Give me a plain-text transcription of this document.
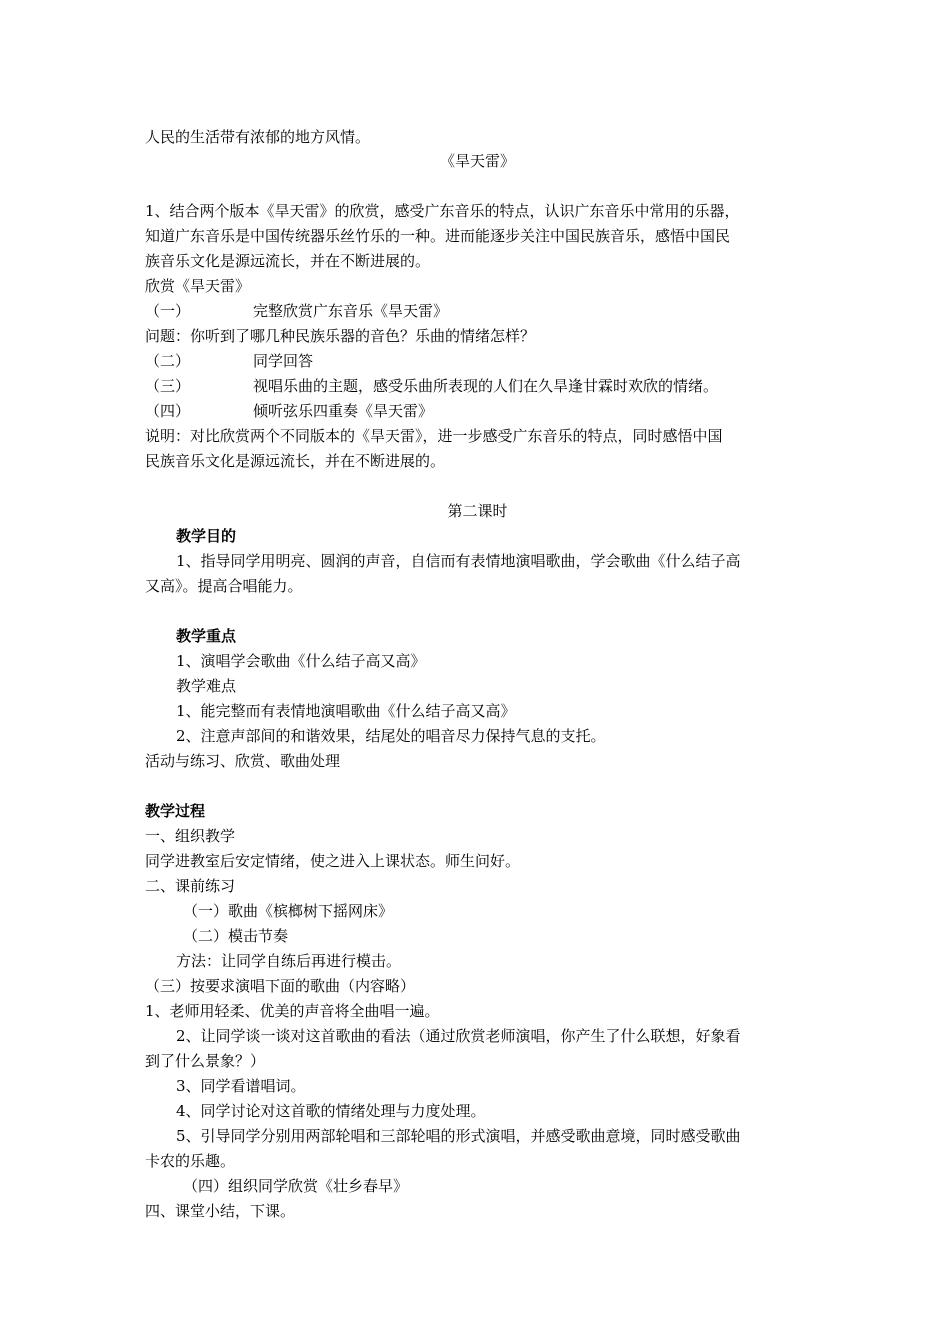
人民的生活带有浓郁的地方风情。
《旱天雷》
1、结合两个版本《旱天雷》的欣赏，感受广东音乐的特点，认识广东音乐中常用的乐器，
知道广东音乐是中国传统器乐丝竹乐的一种。进而能逐步关注中国民族音乐，感悟中国民
族音乐文化是源远流长，并在不断进展的。
欣赏《旱天雷》
（一）	完整欣赏广东音乐《旱天雷》
问题：你听到了哪几种民族乐器的音色？乐曲的情绪怎样？
（二）	同学回答
（三）	视唱乐曲的主题，感受乐曲所表现的人们在久旱逢甘霖时欢欣的情绪。
（四）	倾听弦乐四重奏《旱天雷》
说明：对比欣赏两个不同版本的《旱天雷》，进一步感受广东音乐的特点，同时感悟中国
民族音乐文化是源远流长，并在不断进展的。
第二课时
教学目的
1、指导同学用明亮、圆润的声音，自信而有表情地演唱歌曲，学会歌曲《什么结子高
又高》。提高合唱能力。
教学重点
1、演唱学会歌曲《什么结子高又高》
教学难点
1、能完整而有表情地演唱歌曲《什么结子高又高》
2、注意声部间的和谐效果，结尾处的唱音尽力保持气息的支托。
活动与练习、欣赏、歌曲处理
教学过程
一、组织教学
同学进教室后安定情绪，使之进入上课状态。师生问好。
二、课前练习
（一）歌曲《槟榔树下摇网床》
（二）模击节奏
方法：让同学自练后再进行模击。
（三）按要求演唱下面的歌曲（内容略）
1、老师用轻柔、优美的声音将全曲唱一遍。
2、让同学谈一谈对这首歌曲的看法（通过欣赏老师演唱，你产生了什么联想，好象看
到了什么景象？）
3、同学看谱唱词。
4、同学讨论对这首歌的情绪处理与力度处理。
5、引导同学分别用两部轮唱和三部轮唱的形式演唱，并感受歌曲意境，同时感受歌曲
卡农的乐趣。
（四）组织同学欣赏《壮乡春早》
四、课堂小结，下课。
